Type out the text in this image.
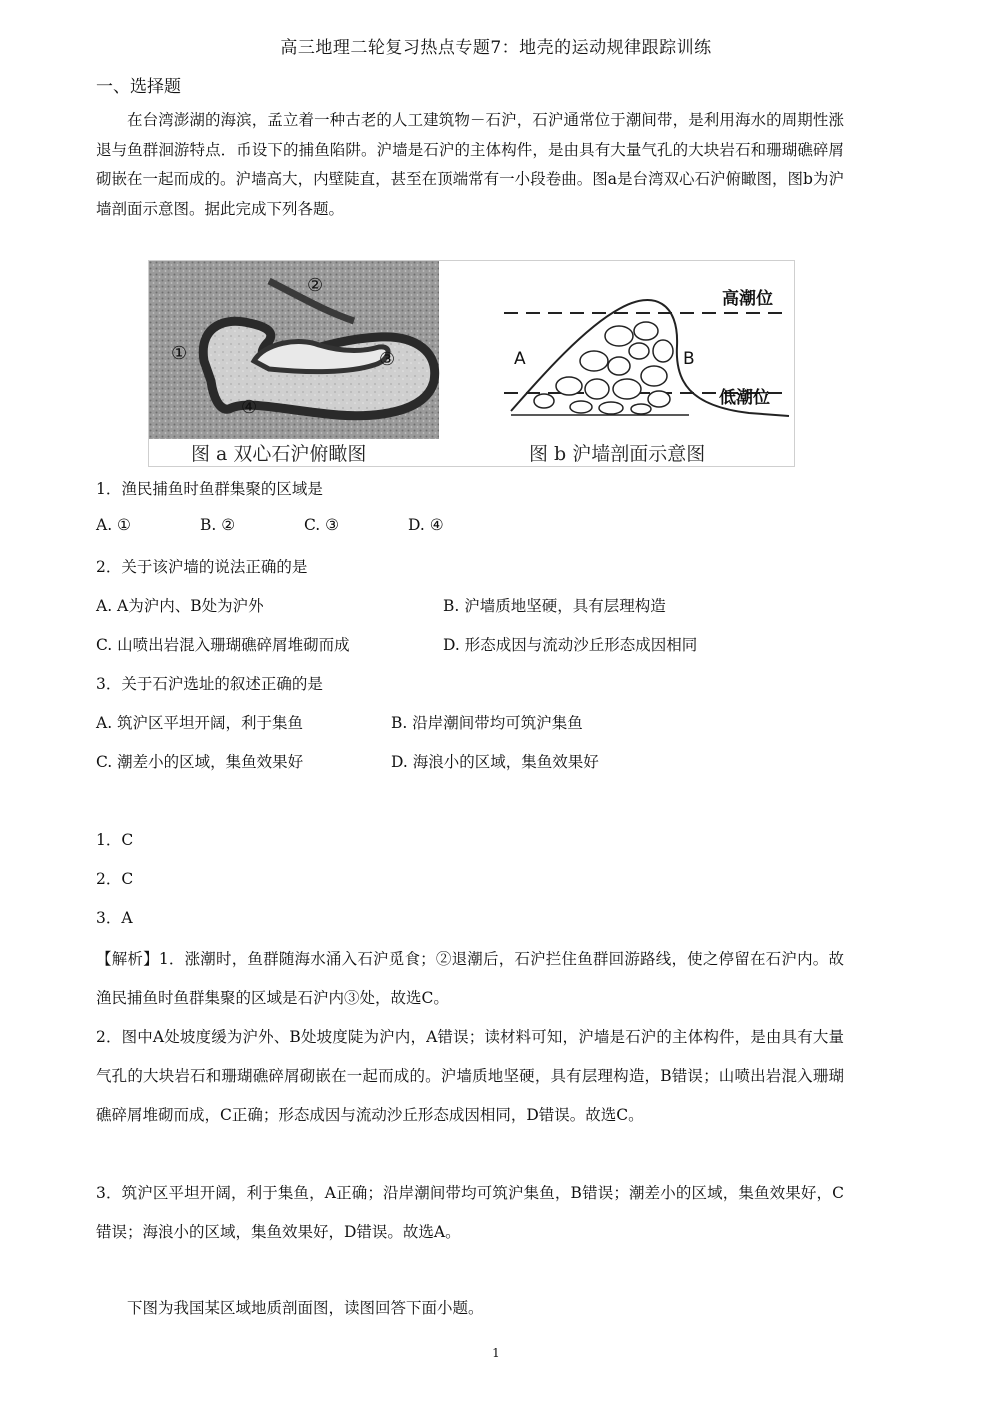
高三地理二轮复习热点专题7：地壳的运动规律跟踪训练
一、选择题
在台湾澎湖的海滨，孟立着一种古老的人工建筑物－石沪，石沪通常位于潮间带，是利用海水的周期性涨退与鱼群洄游特点．币设下的捕鱼陷阱。沪墙是石沪的主体构件，是由具有大量气孔的大块岩石和珊瑚礁碎屑砌嵌在一起而成的。沪墙高大，内壁陡直，甚至在顶端常有一小段卷曲。图a是台湾双心石沪俯瞰图，图b为沪墙剖面示意图。据此完成下列各题。
①
②
③
④
图 a 双心石沪俯瞰图
高潮位
低潮位
A	B
图 b 沪墙剖面示意图
1．渔民捕鱼时鱼群集聚的区域是
A. ①	B. ②	C. ③	D. ④
2．关于该沪墙的说法正确的是
A. A为沪内、B处为沪外	B. 沪墙质地坚硬，具有层理构造
C. 山喷出岩混入珊瑚礁碎屑堆砌而成	D. 形态成因与流动沙丘形态成因相同
3．关于石沪选址的叙述正确的是
A. 筑沪区平坦开阔，利于集鱼	B. 沿岸潮间带均可筑沪集鱼
C. 潮差小的区域，集鱼效果好	D. 海浪小的区域，集鱼效果好
1．C
2．C
3．A
【解析】1．涨潮时，鱼群随海水涌入石沪觅食；②退潮后，石沪拦住鱼群回游路线，使之停留在石沪内。故渔民捕鱼时鱼群集聚的区域是石沪内③处，故选C。
2．图中A处坡度缓为沪外、B处坡度陡为沪内，A错误；读材料可知，沪墙是石沪的主体构件，是由具有大量气孔的大块岩石和珊瑚礁碎屑砌嵌在一起而成的。沪墙质地坚硬，具有层理构造，B错误；山喷出岩混入珊瑚礁碎屑堆砌而成，C正确；形态成因与流动沙丘形态成因相同，D错误。故选C。
3．筑沪区平坦开阔，利于集鱼，A正确；沿岸潮间带均可筑沪集鱼，B错误；潮差小的区域，集鱼效果好，C错误；海浪小的区域，集鱼效果好，D错误。故选A。
下图为我国某区域地质剖面图，读图回答下面小题。
1
